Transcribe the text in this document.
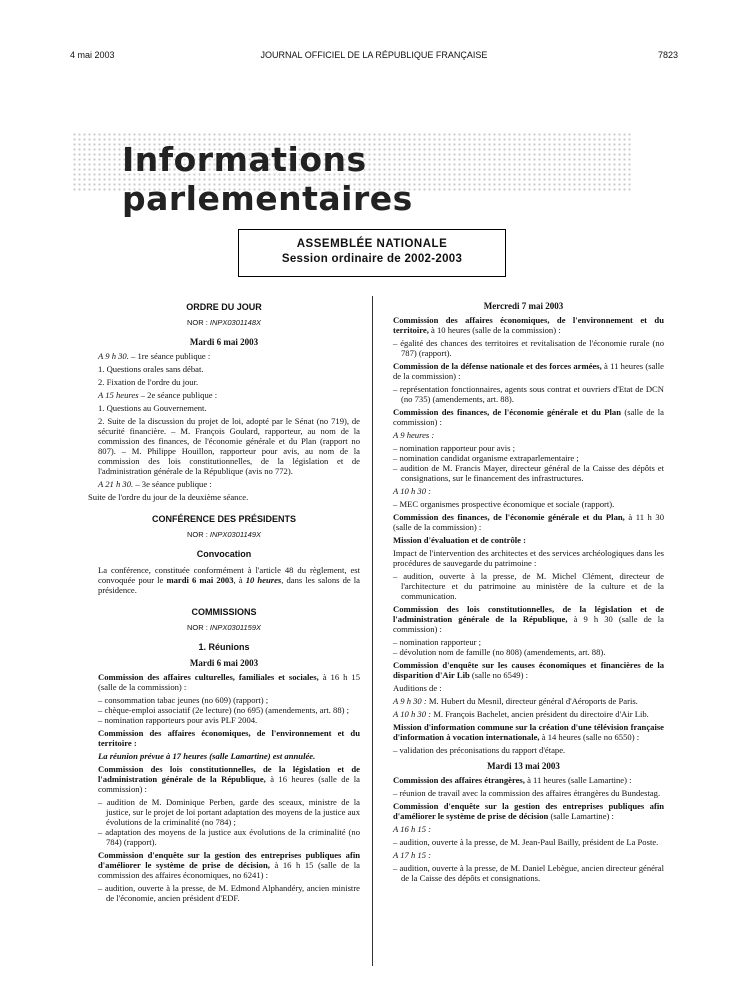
4 mai 2003	JOURNAL OFFICIEL DE LA RÉPUBLIQUE FRANÇAISE	7823
Informations parlementaires
ASSEMBLÉE NATIONALE
Session ordinaire de 2002-2003
ORDRE DU JOUR
NOR : INPX0301148X
Mardi 6 mai 2003

A 9 h 30. – 1re séance publique :

1. Questions orales sans débat.

2. Fixation de l'ordre du jour.

A 15 heures – 2e séance publique :

1. Questions au Gouvernement.

2. Suite de la discussion du projet de loi, adopté par le Sénat (no 719), de sécurité financière. – M. François Goulard, rapporteur, au nom de la commission des finances, de l'économie générale et du Plan (rapport no 807). – M. Philippe Houillon, rapporteur pour avis, au nom de la commission des lois constitutionnelles, de la législation et de l'administration générale de la République (avis no 772).

A 21 h 30. – 3e séance publique :

Suite de l'ordre du jour de la deuxième séance.

CONFÉRENCE DES PRÉSIDENTS
NOR : INPX0301149X
Convocation

La conférence, constituée conformément à l'article 48 du règlement, est convoquée pour le mardi 6 mai 2003, à 10 heures, dans les salons de la présidence.

COMMISSIONS
NOR : INPX0301159X
1. Réunions
Mardi 6 mai 2003

Commission des affaires culturelles, familiales et sociales, à 16 h 15 (salle de la commission) :

– consommation tabac jeunes (no 609) (rapport) ;
– chèque-emploi associatif (2e lecture) (no 695) (amendements, art. 88) ;
– nomination rapporteurs pour avis PLF 2004.

Commission des affaires économiques, de l'environnement et du territoire :

La réunion prévue à 17 heures (salle Lamartine) est annulée.

Commission des lois constitutionnelles, de la législation et de l'administration générale de la République, à 16 heures (salle de la commission) :

– audition de M. Dominique Perben, garde des sceaux, ministre de la justice, sur le projet de loi portant adaptation des moyens de la justice aux évolutions de la criminalité (no 784) ;
– adaptation des moyens de la justice aux évolutions de la criminalité (no 784) (rapport).

Commission d'enquête sur la gestion des entreprises publiques afin d'améliorer le système de prise de décision, à 16 h 15 (salle de la commission des affaires économiques, no 6241) :

– audition, ouverte à la presse, de M. Edmond Alphandéry, ancien ministre de l'économie, ancien président d'EDF.
Mercredi 7 mai 2003

Commission des affaires économiques, de l'environnement et du territoire, à 10 heures (salle de la commission) :

– égalité des chances des territoires et revitalisation de l'économie rurale (no 787) (rapport).

Commission de la défense nationale et des forces armées, à 11 heures (salle de la commission) :

– représentation fonctionnaires, agents sous contrat et ouvriers d'Etat de DCN (no 735) (amendements, art. 88).

Commission des finances, de l'économie générale et du Plan (salle de la commission) :

A 9 heures :

– nomination rapporteur pour avis ;
– nomination candidat organisme extraparlementaire ;
– audition de M. Francis Mayer, directeur général de la Caisse des dépôts et consignations, sur le financement des infrastructures.

A 10 h 30 :

– MEC organismes prospective économique et sociale (rapport).

Commission des finances, de l'économie générale et du Plan, à 11 h 30 (salle de la commission) :

Mission d'évaluation et de contrôle :

Impact de l'intervention des architectes et des services archéologiques dans les procédures de sauvegarde du patrimoine :

– audition, ouverte à la presse, de M. Michel Clément, directeur de l'architecture et du patrimoine au ministère de la culture et de la communication.

Commission des lois constitutionnelles, de la législation et de l'administration générale de la République, à 9 h 30 (salle de la commission) :

– nomination rapporteur ;
– dévolution nom de famille (no 808) (amendements, art. 88).

Commission d'enquête sur les causes économiques et financières de la disparition d'Air Lib (salle no 6549) :

Auditions de :

A 9 h 30 : M. Hubert du Mesnil, directeur général d'Aéroports de Paris.

A 10 h 30 : M. François Bachelet, ancien président du directoire d'Air Lib.

Mission d'information commune sur la création d'une télévision française d'information à vocation internationale, à 14 heures (salle no 6550) :

– validation des préconisations du rapport d'étape.
Mardi 13 mai 2003

Commission des affaires étrangères, à 11 heures (salle Lamartine) :

– réunion de travail avec la commission des affaires étrangères du Bundestag.

Commission d'enquête sur la gestion des entreprises publiques afin d'améliorer le système de prise de décision (salle Lamartine) :

A 16 h 15 :

– audition, ouverte à la presse, de M. Jean-Paul Bailly, président de La Poste.

A 17 h 15 :

– audition, ouverte à la presse, de M. Daniel Lebègue, ancien directeur général de la Caisse des dépôts et consignations.
